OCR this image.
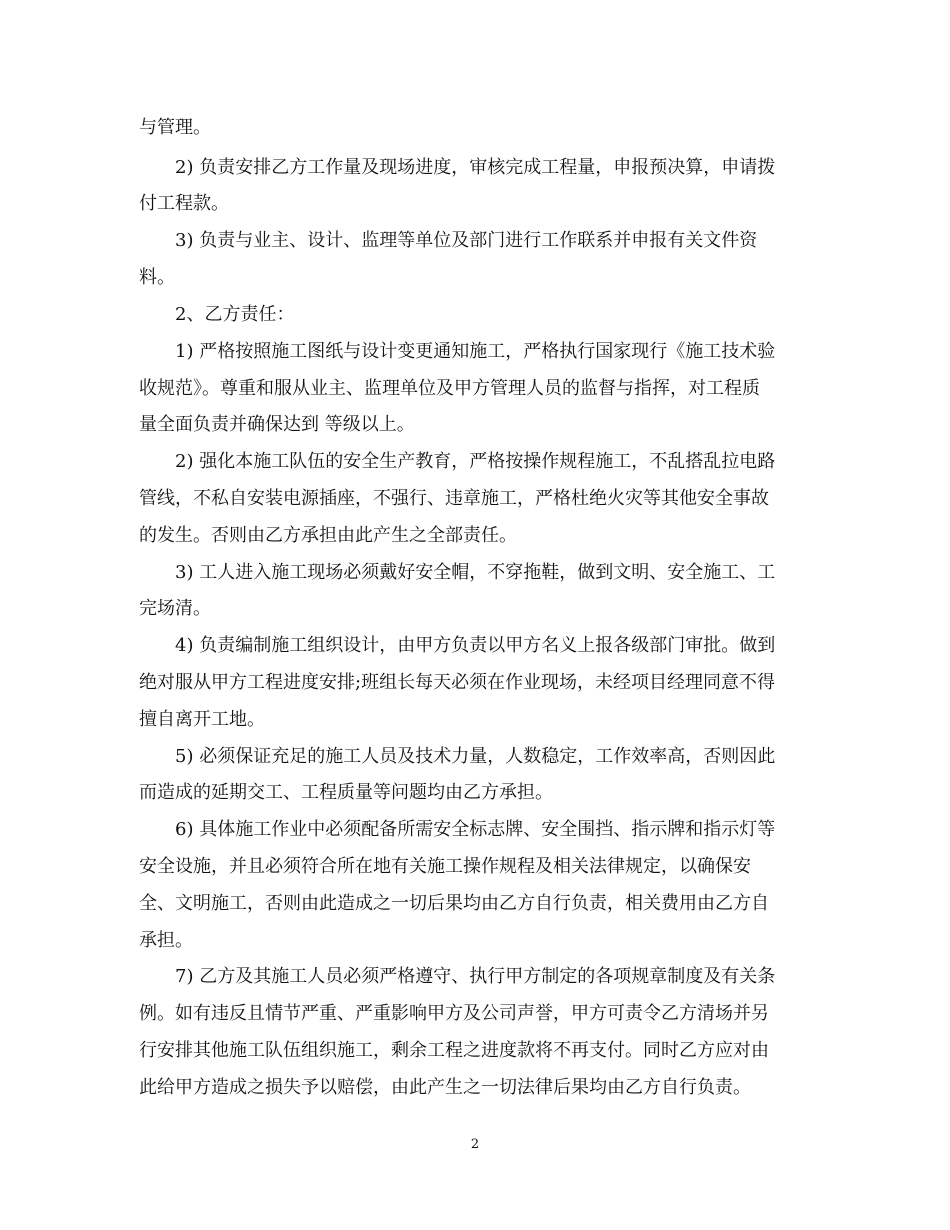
与管理。
2) 负责安排乙方工作量及现场进度，审核完成工程量，申报预决算，申请拨
付工程款。
3) 负责与业主、设计、监理等单位及部门进行工作联系并申报有关文件资
料。
2、乙方责任：
1) 严格按照施工图纸与设计变更通知施工，严格执行国家现行《施工技术验
收规范》。尊重和服从业主、监理单位及甲方管理人员的监督与指挥，对工程质
量全面负责并确保达到 等级以上。
2) 强化本施工队伍的安全生产教育，严格按操作规程施工，不乱搭乱拉电路
管线，不私自安装电源插座，不强行、违章施工，严格杜绝火灾等其他安全事故
的发生。否则由乙方承担由此产生之全部责任。
3) 工人进入施工现场必须戴好安全帽，不穿拖鞋，做到文明、安全施工、工
完场清。
4) 负责编制施工组织设计，由甲方负责以甲方名义上报各级部门审批。做到
绝对服从甲方工程进度安排;班组长每天必须在作业现场，未经项目经理同意不得
擅自离开工地。
5) 必须保证充足的施工人员及技术力量，人数稳定，工作效率高，否则因此
而造成的延期交工、工程质量等问题均由乙方承担。
6) 具体施工作业中必须配备所需安全标志牌、安全围挡、指示牌和指示灯等
安全设施，并且必须符合所在地有关施工操作规程及相关法律规定，以确保安
全、文明施工，否则由此造成之一切后果均由乙方自行负责，相关费用由乙方自
承担。
7) 乙方及其施工人员必须严格遵守、执行甲方制定的各项规章制度及有关条
例。如有违反且情节严重、严重影响甲方及公司声誉，甲方可责令乙方清场并另
行安排其他施工队伍组织施工，剩余工程之进度款将不再支付。同时乙方应对由
此给甲方造成之损失予以赔偿，由此产生之一切法律后果均由乙方自行负责。
2
